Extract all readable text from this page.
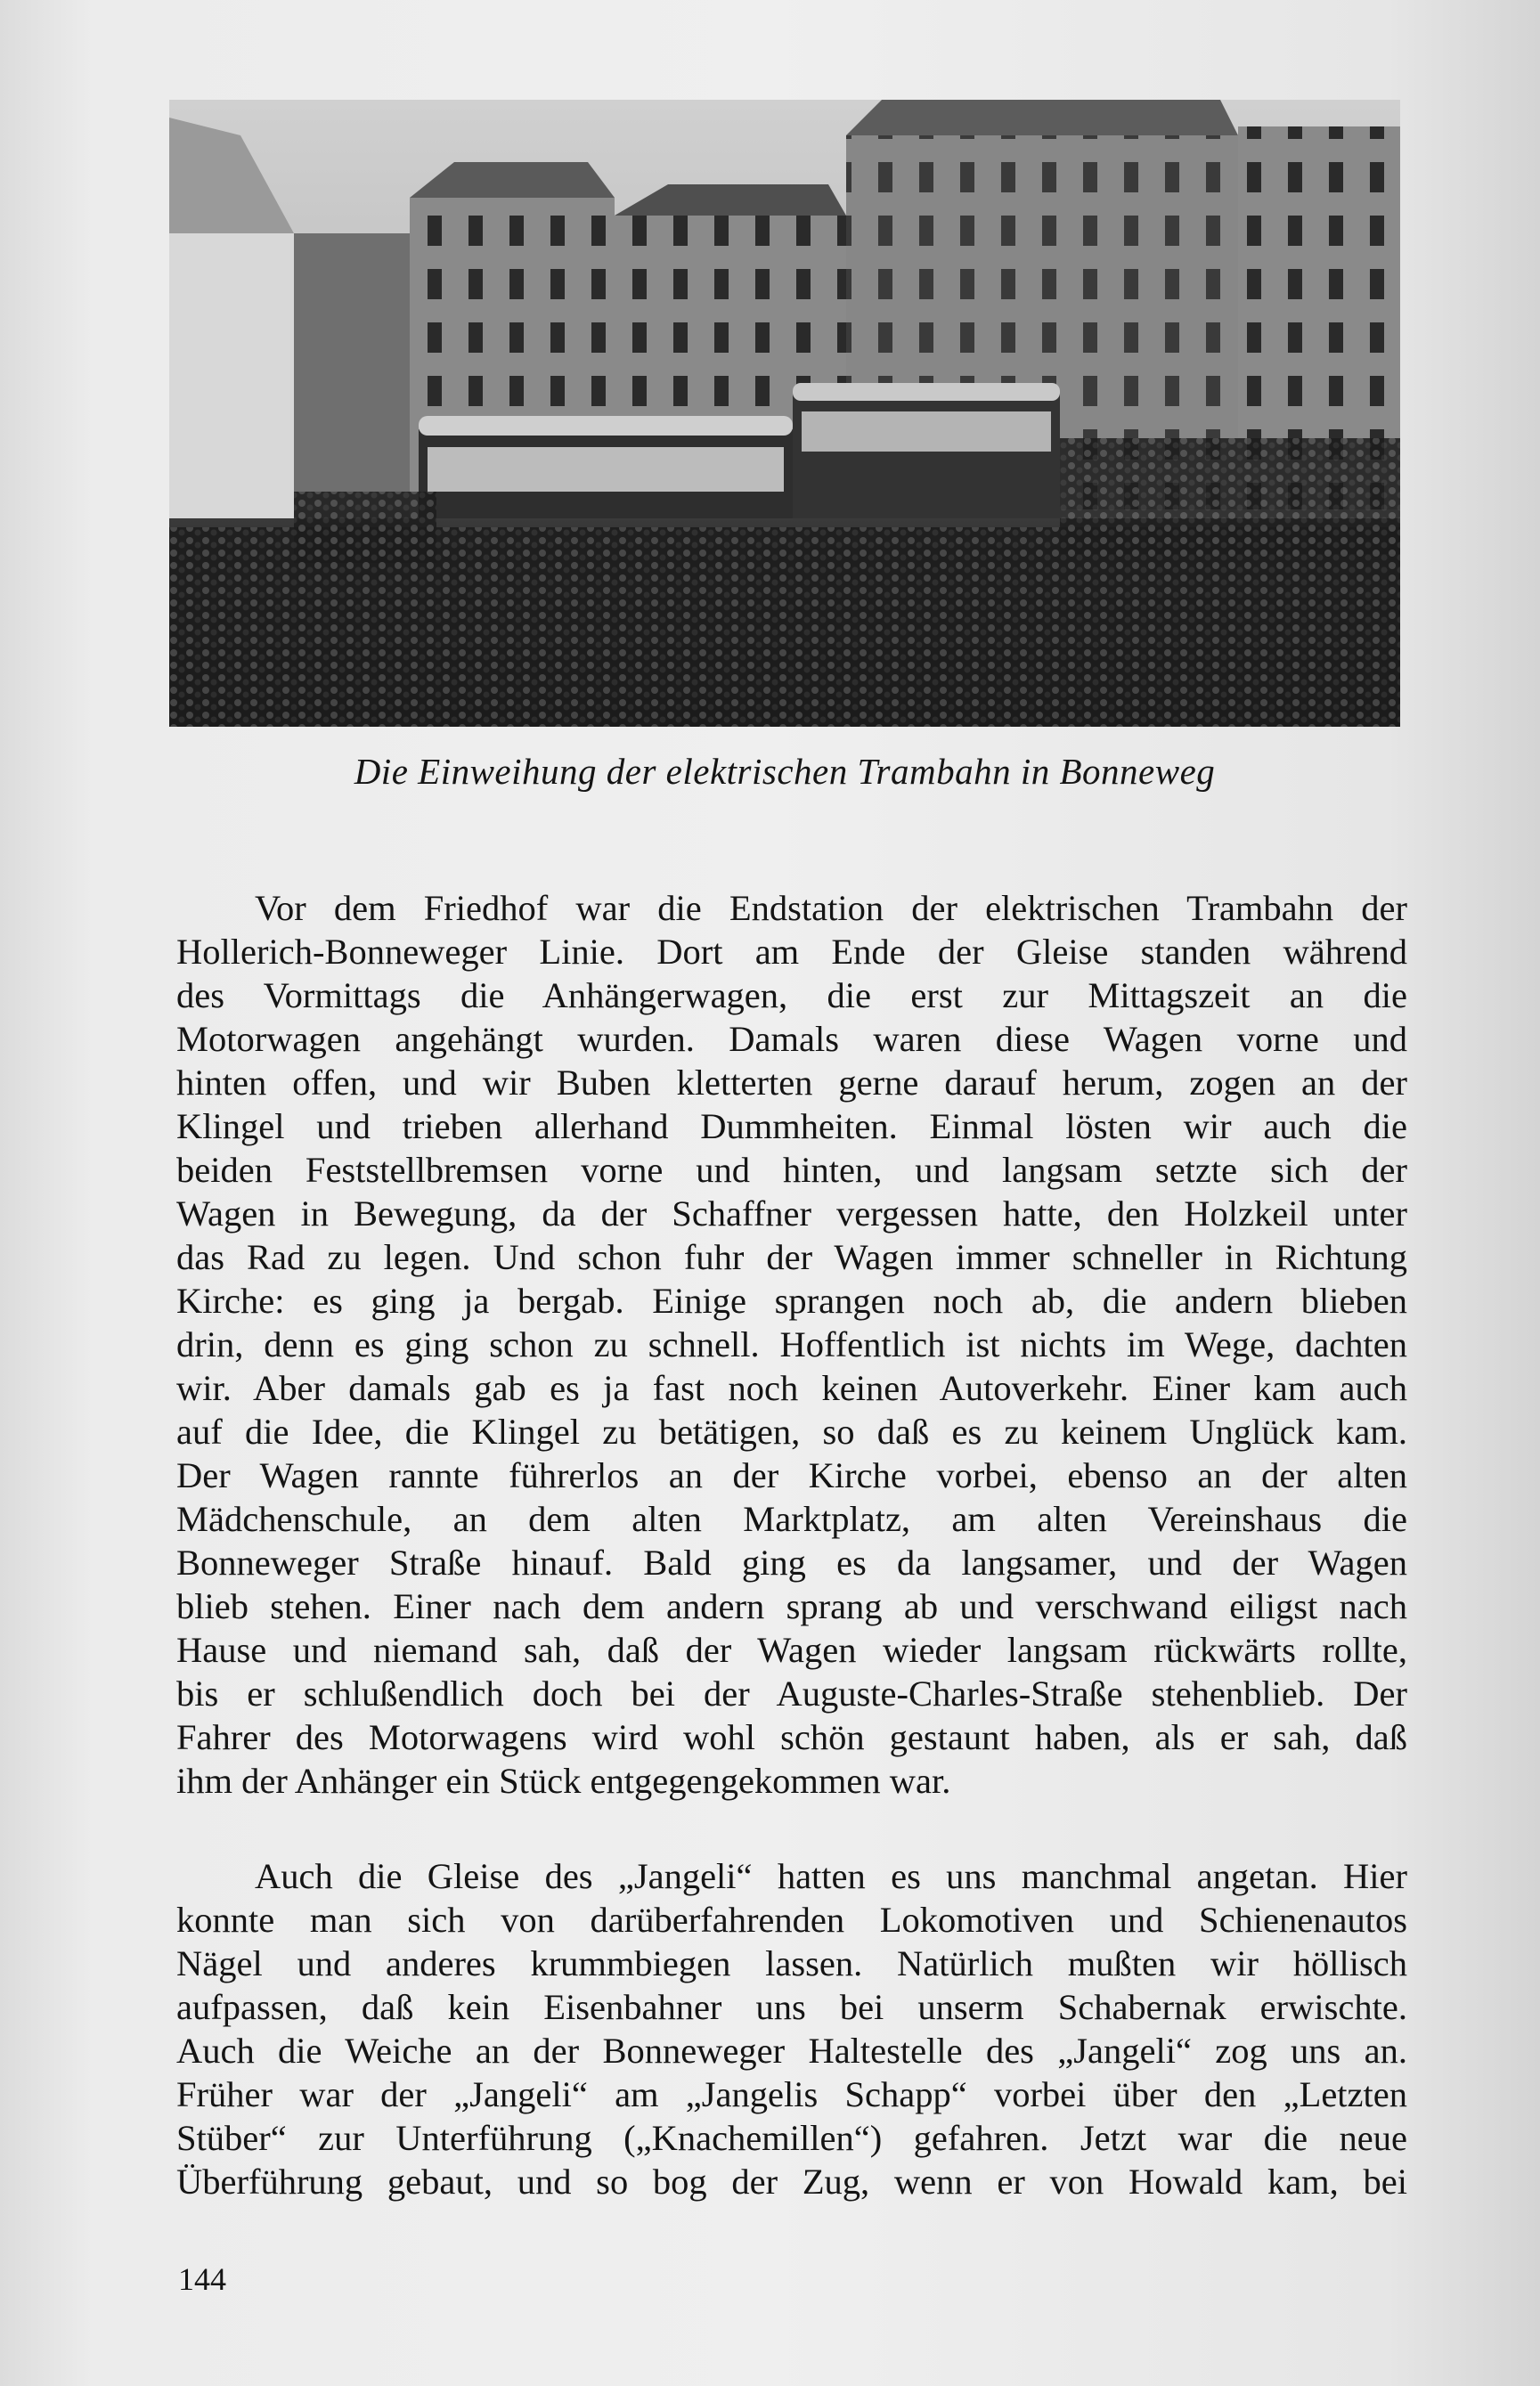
Die Einweihung der elektrischen Trambahn in Bonneweg
Vor dem Friedhof war die Endstation der elektrischen Trambahn der
Hollerich-Bonneweger Linie. Dort am Ende der Gleise standen während
des Vormittags die Anhängerwagen, die erst zur Mittagszeit an die
Motorwagen angehängt wurden. Damals waren diese Wagen vorne und
hinten offen, und wir Buben kletterten gerne darauf herum, zogen an der
Klingel und trieben allerhand Dummheiten. Einmal lösten wir auch die
beiden Feststellbremsen vorne und hinten, und langsam setzte sich der
Wagen in Bewegung, da der Schaffner vergessen hatte, den Holzkeil unter
das Rad zu legen. Und schon fuhr der Wagen immer schneller in Richtung
Kirche: es ging ja bergab. Einige sprangen noch ab, die andern blieben
drin, denn es ging schon zu schnell. Hoffentlich ist nichts im Wege, dachten
wir. Aber damals gab es ja fast noch keinen Autoverkehr. Einer kam auch
auf die Idee, die Klingel zu betätigen, so daß es zu keinem Unglück kam.
Der Wagen rannte führerlos an der Kirche vorbei, ebenso an der alten
Mädchenschule, an dem alten Marktplatz, am alten Vereinshaus die
Bonneweger Straße hinauf. Bald ging es da langsamer, und der Wagen
blieb stehen. Einer nach dem andern sprang ab und verschwand eiligst nach
Hause und niemand sah, daß der Wagen wieder langsam rückwärts rollte,
bis er schlußendlich doch bei der Auguste-Charles-Straße stehenblieb. Der
Fahrer des Motorwagens wird wohl schön gestaunt haben, als er sah, daß
ihm der Anhänger ein Stück entgegengekommen war.
Auch die Gleise des „Jangeli“ hatten es uns manchmal angetan. Hier
konnte man sich von darüberfahrenden Lokomotiven und Schienenautos
Nägel und anderes krummbiegen lassen. Natürlich mußten wir höllisch
aufpassen, daß kein Eisenbahner uns bei unserm Schabernak erwischte.
Auch die Weiche an der Bonneweger Haltestelle des „Jangeli“ zog uns an.
Früher war der „Jangeli“ am „Jangelis Schapp“ vorbei über den „Letzten
Stüber“ zur Unterführung („Knachemillen“) gefahren. Jetzt war die neue
Überführung gebaut, und so bog der Zug, wenn er von Howald kam, bei
144
